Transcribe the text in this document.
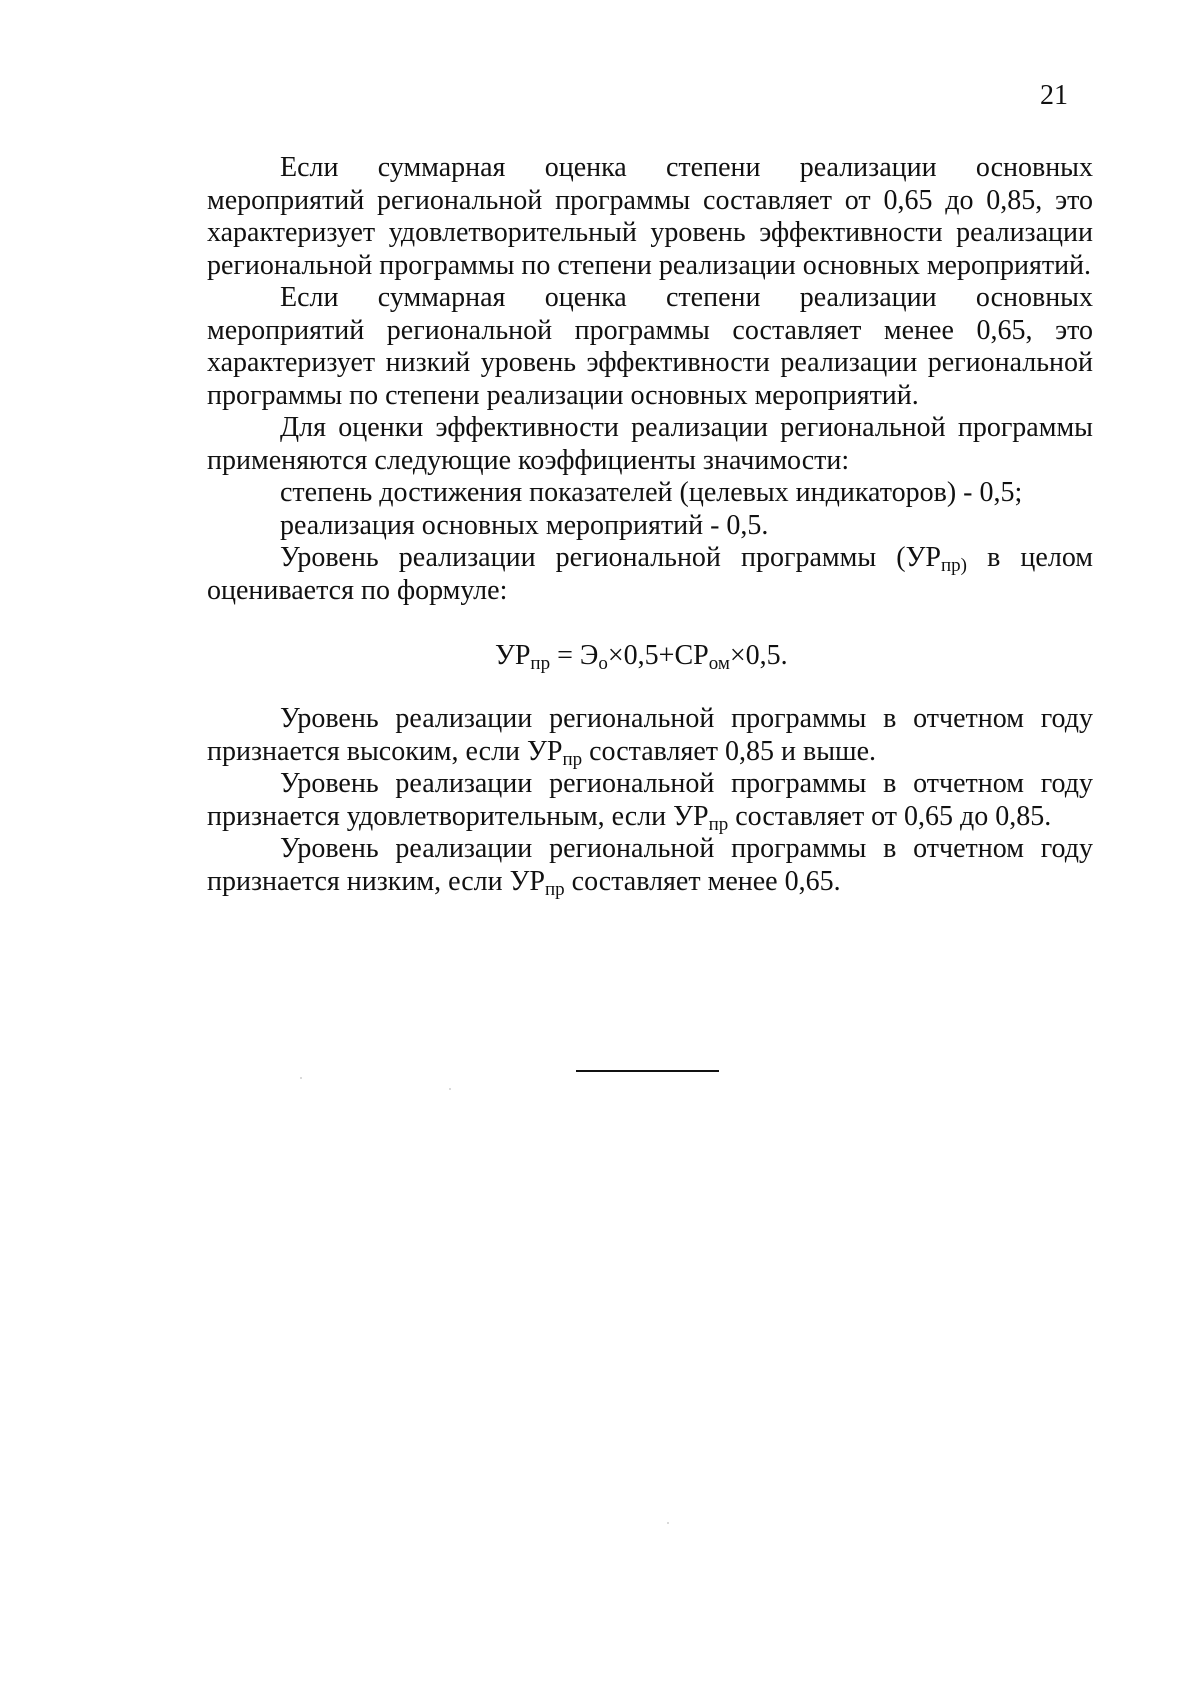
21

Если суммарная оценка степени реализации основных мероприятий региональной программы составляет от 0,65 до 0,85, это характеризует удовлетворительный уровень эффективности реализации региональной программы по степени реализации основных мероприятий.

Если суммарная оценка степени реализации основных мероприятий региональной программы составляет менее 0,65, это характеризует низкий уровень эффективности реализации региональной программы по степени реализации основных мероприятий.

Для оценки эффективности реализации региональной программы применяются следующие коэффициенты значимости:

степень достижения показателей (целевых индикаторов) - 0,5;

реализация основных мероприятий - 0,5.

Уровень реализации региональной программы ($УР_{пр)}$ в целом оценивается по формуле:

$УР_{пр} = Э_о\times 0,5+СР_{ом}\times 0,5$.

Уровень реализации региональной программы в отчетном году признается высоким, если $УР_{пр}$ составляет 0,85 и выше.

Уровень реализации региональной программы в отчетном году признается удовлетворительным, если $УР_{пр}$ составляет от 0,65 до 0,85.

Уровень реализации региональной программы в отчетном году признается низким, если $УР_{пр}$ составляет менее 0,65.
